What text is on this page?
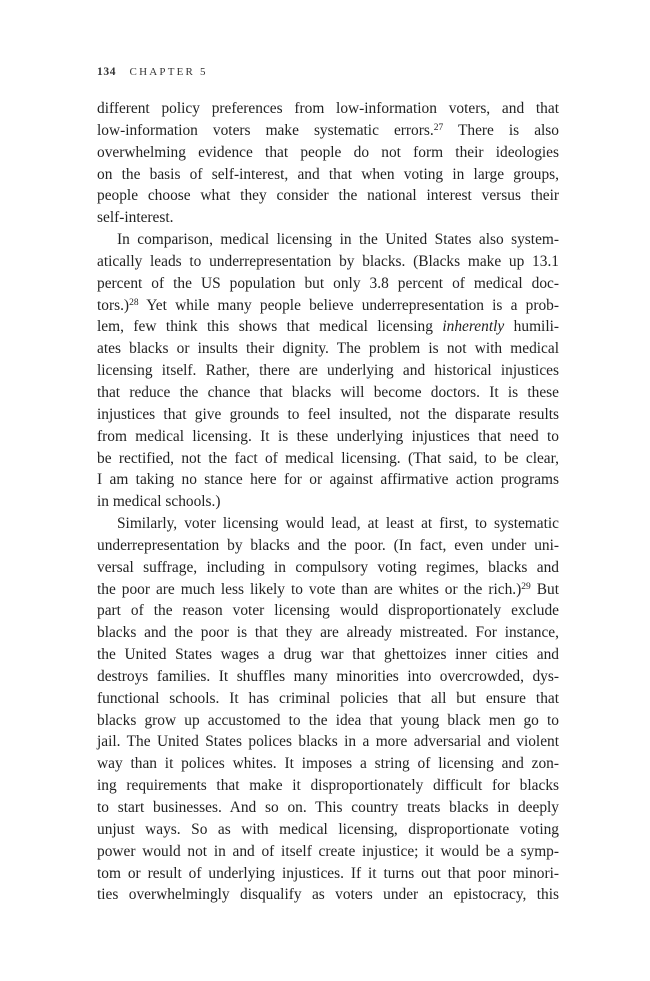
134 CHAPTER 5
different policy preferences from low-information voters, and that
low-information voters make systematic errors.$^{27}$ There is also
overwhelming evidence that people do not form their ideologies
on the basis of self-interest, and that when voting in large groups,
people choose what they consider the national interest versus their
self-interest.
In comparison, medical licensing in the United States also system-
atically leads to underrepresentation by blacks. (Blacks make up 13.1
percent of the US population but only 3.8 percent of medical doc-
tors.)$^{28}$ Yet while many people believe underrepresentation is a prob-
lem, few think this shows that medical licensing inherently humili-
ates blacks or insults their dignity. The problem is not with medical
licensing itself. Rather, there are underlying and historical injustices
that reduce the chance that blacks will become doctors. It is these
injustices that give grounds to feel insulted, not the disparate results
from medical licensing. It is these underlying injustices that need to
be rectified, not the fact of medical licensing. (That said, to be clear,
I am taking no stance here for or against affirmative action programs
in medical schools.)
Similarly, voter licensing would lead, at least at first, to systematic
underrepresentation by blacks and the poor. (In fact, even under uni-
versal suffrage, including in compulsory voting regimes, blacks and
the poor are much less likely to vote than are whites or the rich.)$^{29}$ But
part of the reason voter licensing would disproportionately exclude
blacks and the poor is that they are already mistreated. For instance,
the United States wages a drug war that ghettoizes inner cities and
destroys families. It shuffles many minorities into overcrowded, dys-
functional schools. It has criminal policies that all but ensure that
blacks grow up accustomed to the idea that young black men go to
jail. The United States polices blacks in a more adversarial and violent
way than it polices whites. It imposes a string of licensing and zon-
ing requirements that make it disproportionately difficult for blacks
to start businesses. And so on. This country treats blacks in deeply
unjust ways. So as with medical licensing, disproportionate voting
power would not in and of itself create injustice; it would be a symp-
tom or result of underlying injustices. If it turns out that poor minori-
ties overwhelmingly disqualify as voters under an epistocracy, this
